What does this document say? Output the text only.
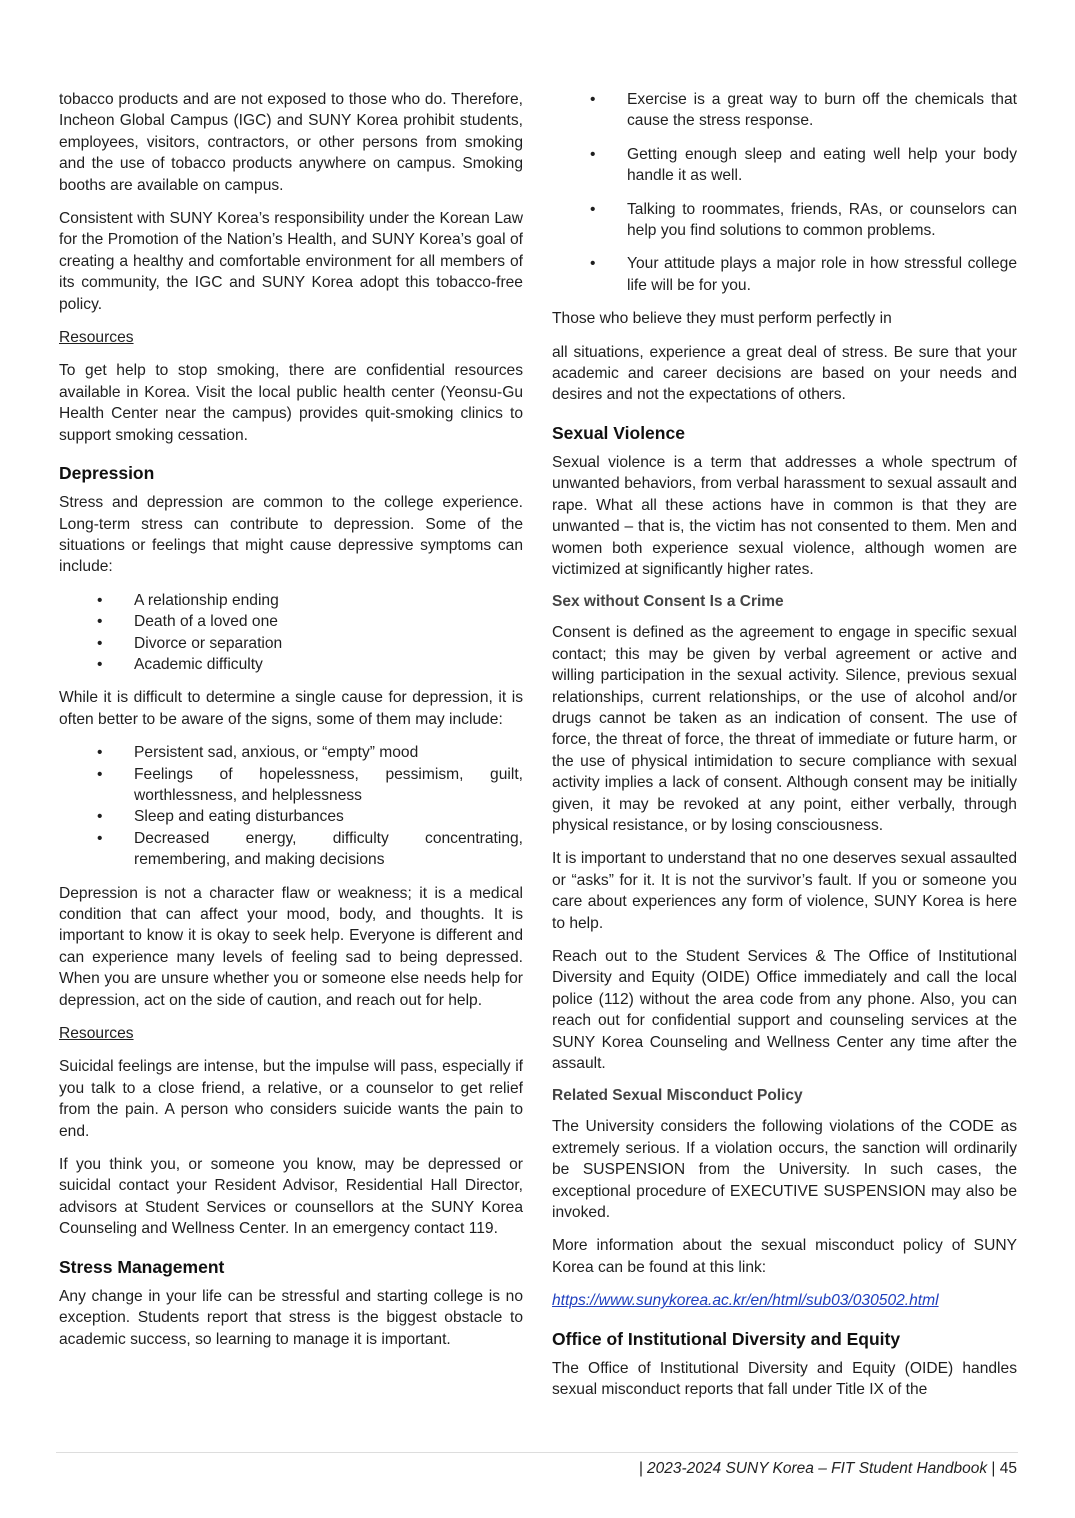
tobacco products and are not exposed to those who do. Therefore, Incheon Global Campus (IGC) and SUNY Korea prohibit students, employees, visitors, contractors, or other persons from smoking and the use of tobacco products anywhere on campus. Smoking booths are available on campus.

Consistent with SUNY Korea’s responsibility under the Korean Law for the Promotion of the Nation’s Health, and SUNY Korea’s goal of creating a healthy and comfortable environment for all members of its community, the IGC and SUNY Korea adopt this tobacco-free policy.

Resources

To get help to stop smoking, there are confidential resources available in Korea. Visit the local public health center (Yeonsu-Gu Health Center near the campus) provides quit-smoking clinics to support smoking cessation.

Depression

Stress and depression are common to the college experience. Long-term stress can contribute to depression. Some of the situations or feelings that might cause depressive symptoms can include:

• A relationship ending
• Death of a loved one
• Divorce or separation
• Academic difficulty

While it is difficult to determine a single cause for depression, it is often better to be aware of the signs, some of them may include:

• Persistent sad, anxious, or “empty” mood
• Feelings of hopelessness, pessimism, guilt, worthlessness, and helplessness
• Sleep and eating disturbances
• Decreased energy, difficulty concentrating, remembering, and making decisions

Depression is not a character flaw or weakness; it is a medical condition that can affect your mood, body, and thoughts. It is important to know it is okay to seek help. Everyone is different and can experience many levels of feeling sad to being depressed. When you are unsure whether you or someone else needs help for depression, act on the side of caution, and reach out for help.

Resources

Suicidal feelings are intense, but the impulse will pass, especially if you talk to a close friend, a relative, or a counselor to get relief from the pain. A person who considers suicide wants the pain to end.

If you think you, or someone you know, may be depressed or suicidal contact your Resident Advisor, Residential Hall Director, advisors at Student Services or counsellors at the SUNY Korea Counseling and Wellness Center. In an emergency contact 119.

Stress Management

Any change in your life can be stressful and starting college is no exception. Students report that stress is the biggest obstacle to academic success, so learning to manage it is important.

• Exercise is a great way to burn off the chemicals that cause the stress response.
• Getting enough sleep and eating well help your body handle it as well.
• Talking to roommates, friends, RAs, or counselors can help you find solutions to common problems.
• Your attitude plays a major role in how stressful college life will be for you.

Those who believe they must perform perfectly in

all situations, experience a great deal of stress. Be sure that your academic and career decisions are based on your needs and desires and not the expectations of others.

Sexual Violence

Sexual violence is a term that addresses a whole spectrum of unwanted behaviors, from verbal harassment to sexual assault and rape. What all these actions have in common is that they are unwanted – that is, the victim has not consented to them. Men and women both experience sexual violence, although women are victimized at significantly higher rates.

Sex without Consent Is a Crime

Consent is defined as the agreement to engage in specific sexual contact; this may be given by verbal agreement or active and willing participation in the sexual activity. Silence, previous sexual relationships, current relationships, or the use of alcohol and/or drugs cannot be taken as an indication of consent. The use of force, the threat of force, the threat of immediate or future harm, or the use of physical intimidation to secure compliance with sexual activity implies a lack of consent. Although consent may be initially given, it may be revoked at any point, either verbally, through physical resistance, or by losing consciousness.

It is important to understand that no one deserves sexual assaulted or “asks” for it. It is not the survivor’s fault. If you or someone you care about experiences any form of violence, SUNY Korea is here to help.

Reach out to the Student Services & The Office of Institutional Diversity and Equity (OIDE) Office immediately and call the local police (112) without the area code from any phone. Also, you can reach out for confidential support and counseling services at the SUNY Korea Counseling and Wellness Center any time after the assault.

Related Sexual Misconduct Policy

The University considers the following violations of the CODE as extremely serious. If a violation occurs, the sanction will ordinarily be SUSPENSION from the University. In such cases, the exceptional procedure of EXECUTIVE SUSPENSION may also be invoked.

More information about the sexual misconduct policy of SUNY Korea can be found at this link:

https://www.sunykorea.ac.kr/en/html/sub03/030502.html

Office of Institutional Diversity and Equity

The Office of Institutional Diversity and Equity (OIDE) handles sexual misconduct reports that fall under Title IX of the

| 2023-2024 SUNY Korea – FIT Student Handbook | 45
